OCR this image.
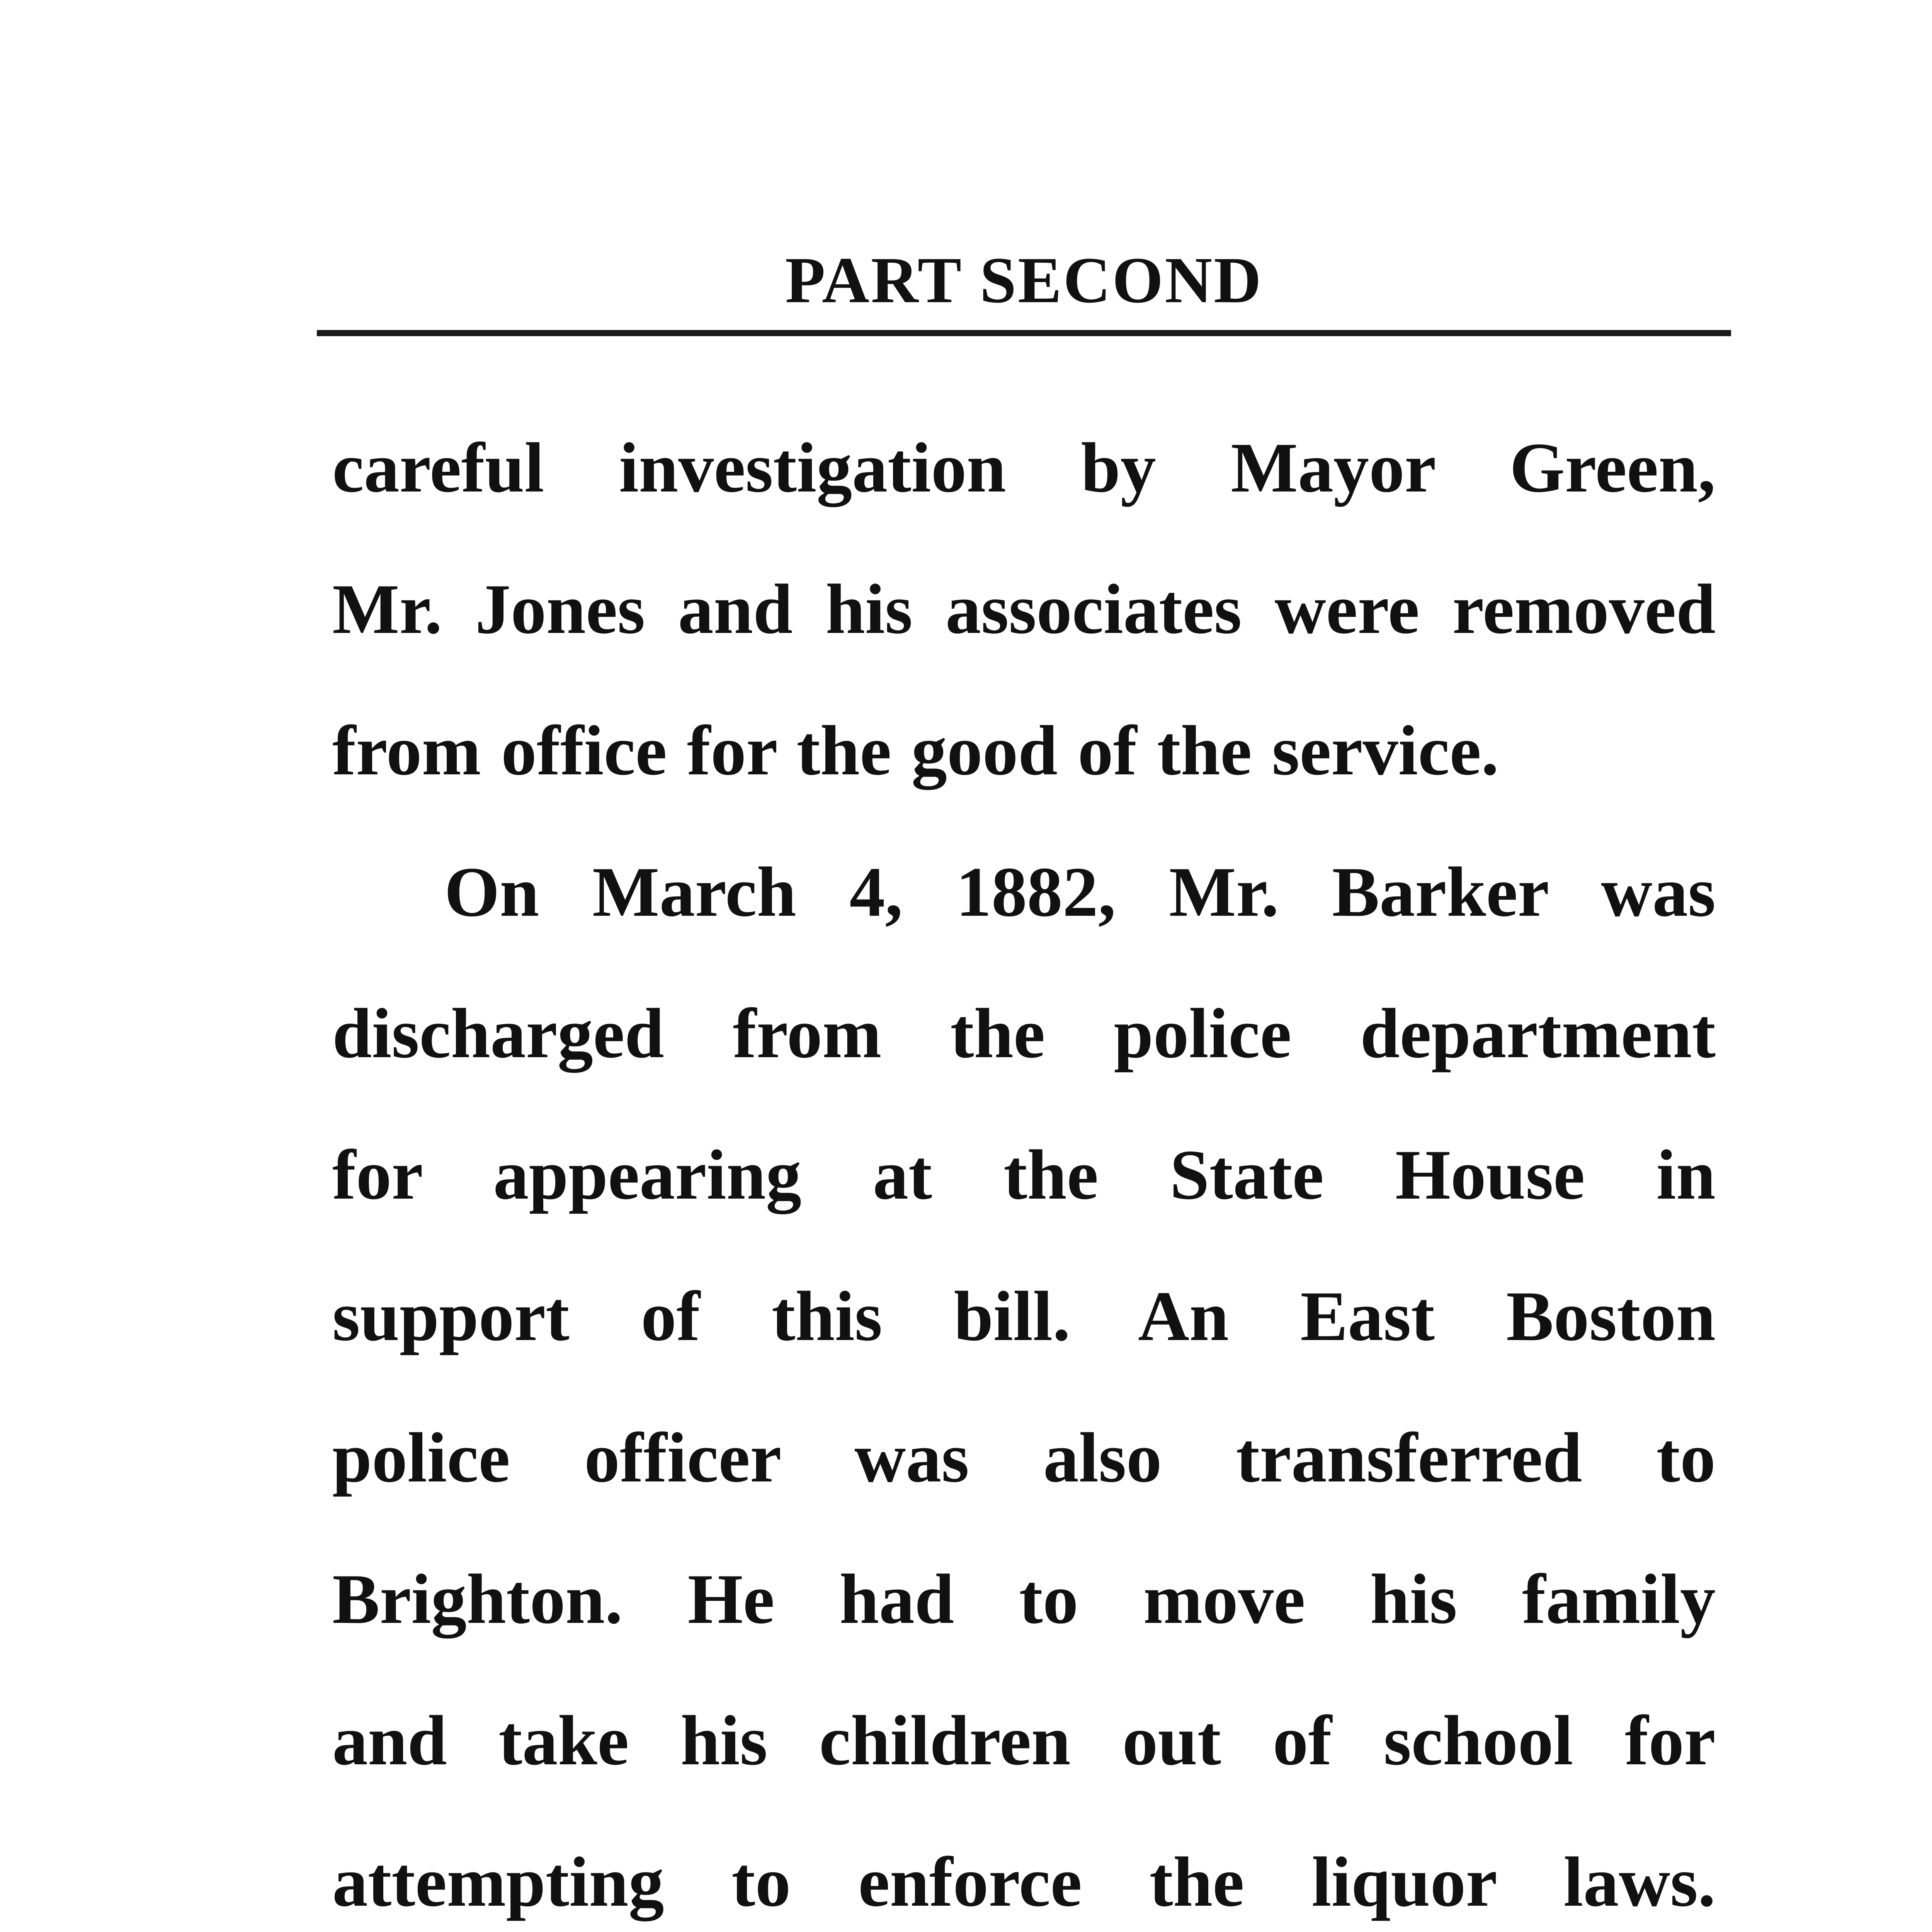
PART SECOND
careful investigation by Mayor Green,
Mr. Jones and his associates were removed
from office for the good of the service.
On March 4, 1882, Mr. Barker was
discharged from the police department
for appearing at the State House in
support of this bill. An East Boston
police officer was also transferred to
Brighton. He had to move his family
and take his children out of school for
attempting to enforce the liquor laws.
